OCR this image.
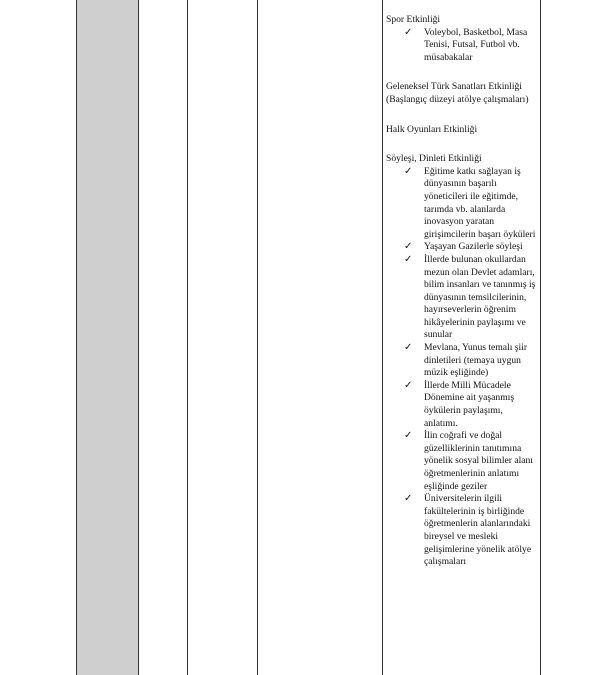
Spor Etkinliği
✓ Voleybol, Basketbol, Masa Tenisi, Futsal, Futbol vb. müsabakalar
Geleneksel Türk Sanatları Etkinliği
(Başlangıç düzeyi atölye çalışmaları)
Halk Oyunları Etkinliği
Söyleşi, Dinleti Etkinliği
✓ Eğitime katkı sağlayan iş dünyasının başarılı yöneticileri ile eğitimde, tarımda vb. alanlarda inovasyon yaratan girişimcilerin başarı öyküleri
✓ Yaşayan Gazilerle söyleşi
✓ İllerde bulunan okullardan mezun olan Devlet adamları, bilim insanları ve tanınmış iş dünyasının temsilcilerinin, hayırseverlerin öğrenim hikâyelerinin paylaşımı ve sunular
✓ Mevlana, Yunus temalı şiir dinletileri (temaya uygun müzik eşliğinde)
✓ İllerde Milli Mücadele Dönemine ait yaşanmış öykülerin paylaşımı, anlatımı.
✓ İlin coğrafi ve doğal güzelliklerinin tanıtımına yönelik sosyal bilimler alanı öğretmenlerinin anlatımı eşliğinde geziler
✓ Üniversitelerin ilgili fakültelerinin iş birliğinde öğretmenlerin alanlarındaki bireysel ve mesleki gelişimlerine yönelik atölye çalışmaları
